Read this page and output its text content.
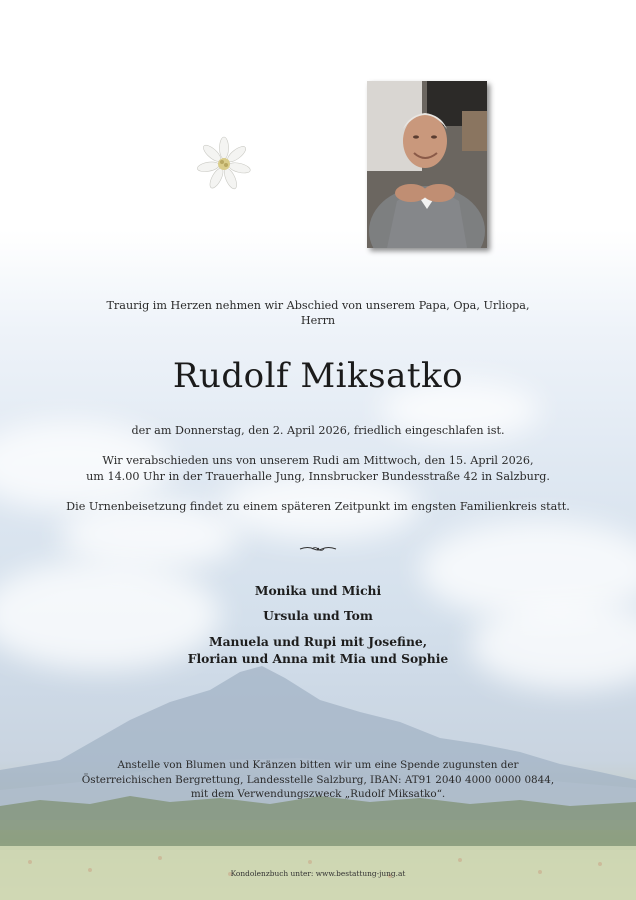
Traurig im Herzen nehmen wir Abschied von unserem Papa, Opa, Urliopa,
Herrn
Rudolf Miksatko
der am Donnerstag, den 2. April 2026, friedlich eingeschlafen ist.
Wir verabschieden uns von unserem Rudi am Mittwoch, den 15. April 2026,
um 14.00 Uhr in der Trauerhalle Jung, Innsbrucker Bundesstraße 42 in Salzburg.
Die Urnenbeisetzung findet zu einem späteren Zeitpunkt im engsten Familienkreis statt.
Monika und Michi
Ursula und Tom
Manuela und Rupi mit Josefine,
Florian und Anna mit Mia und Sophie
Anstelle von Blumen und Kränzen bitten wir um eine Spende zugunsten der
Österreichischen Bergrettung, Landesstelle Salzburg, IBAN: AT91 2040 4000 0000 0844,
mit dem Verwendungszweck „Rudolf Miksatko“.
Kondolenzbuch unter: www.bestattung-jung.at
